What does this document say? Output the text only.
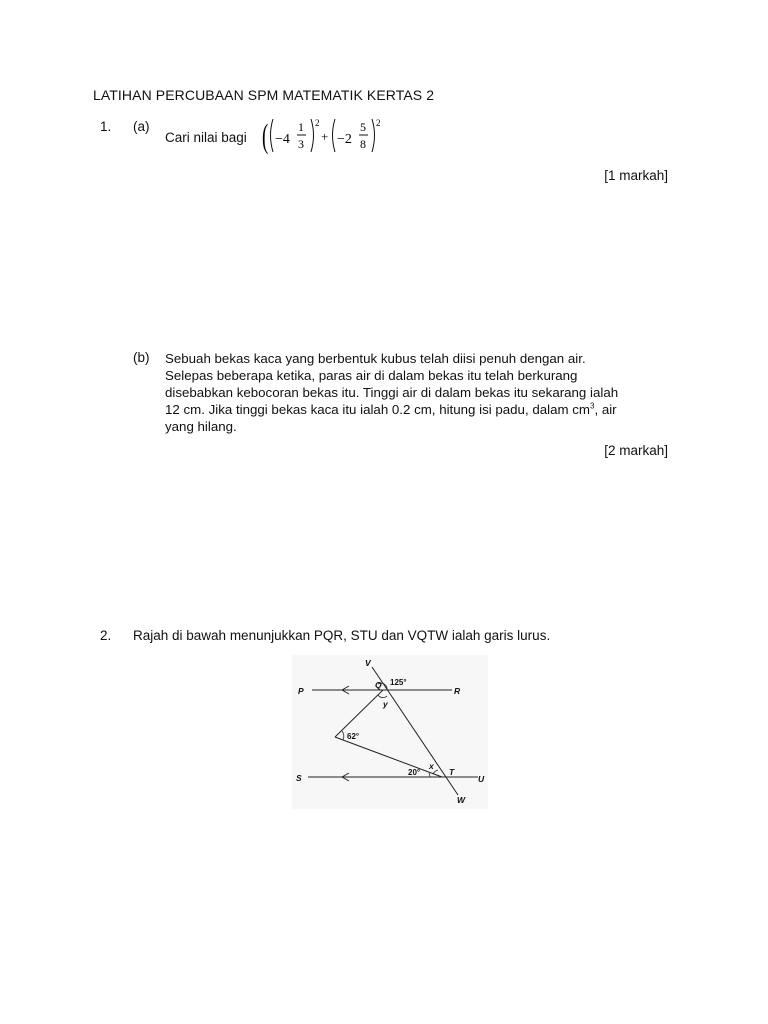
LATIHAN PERCUBAAN SPM MATEMATIK KERTAS 2
1. (a)
Cari nilai bagi ( −4
1
3
2
+ −2
5
8
2
[1 markah]
(b) Sebuah bekas kaca yang berbentuk kubus telah diisi penuh dengan air.
Selepas beberapa ketika, paras air di dalam bekas itu telah berkurang
disebabkan kebocoran bekas itu. Tinggi air di dalam bekas itu sekarang ialah
12 cm. Jika tinggi bekas kaca itu ialah 0.2 cm, hitung isi padu, dalam $cm^3$, air
yang hilang.
[2 markah]
2. Rajah di bawah menunjukkan PQR, STU dan VQTW ialah garis lurus.
P
Q
R
S
T
U
V
W
y
x
125°
62°
20°
